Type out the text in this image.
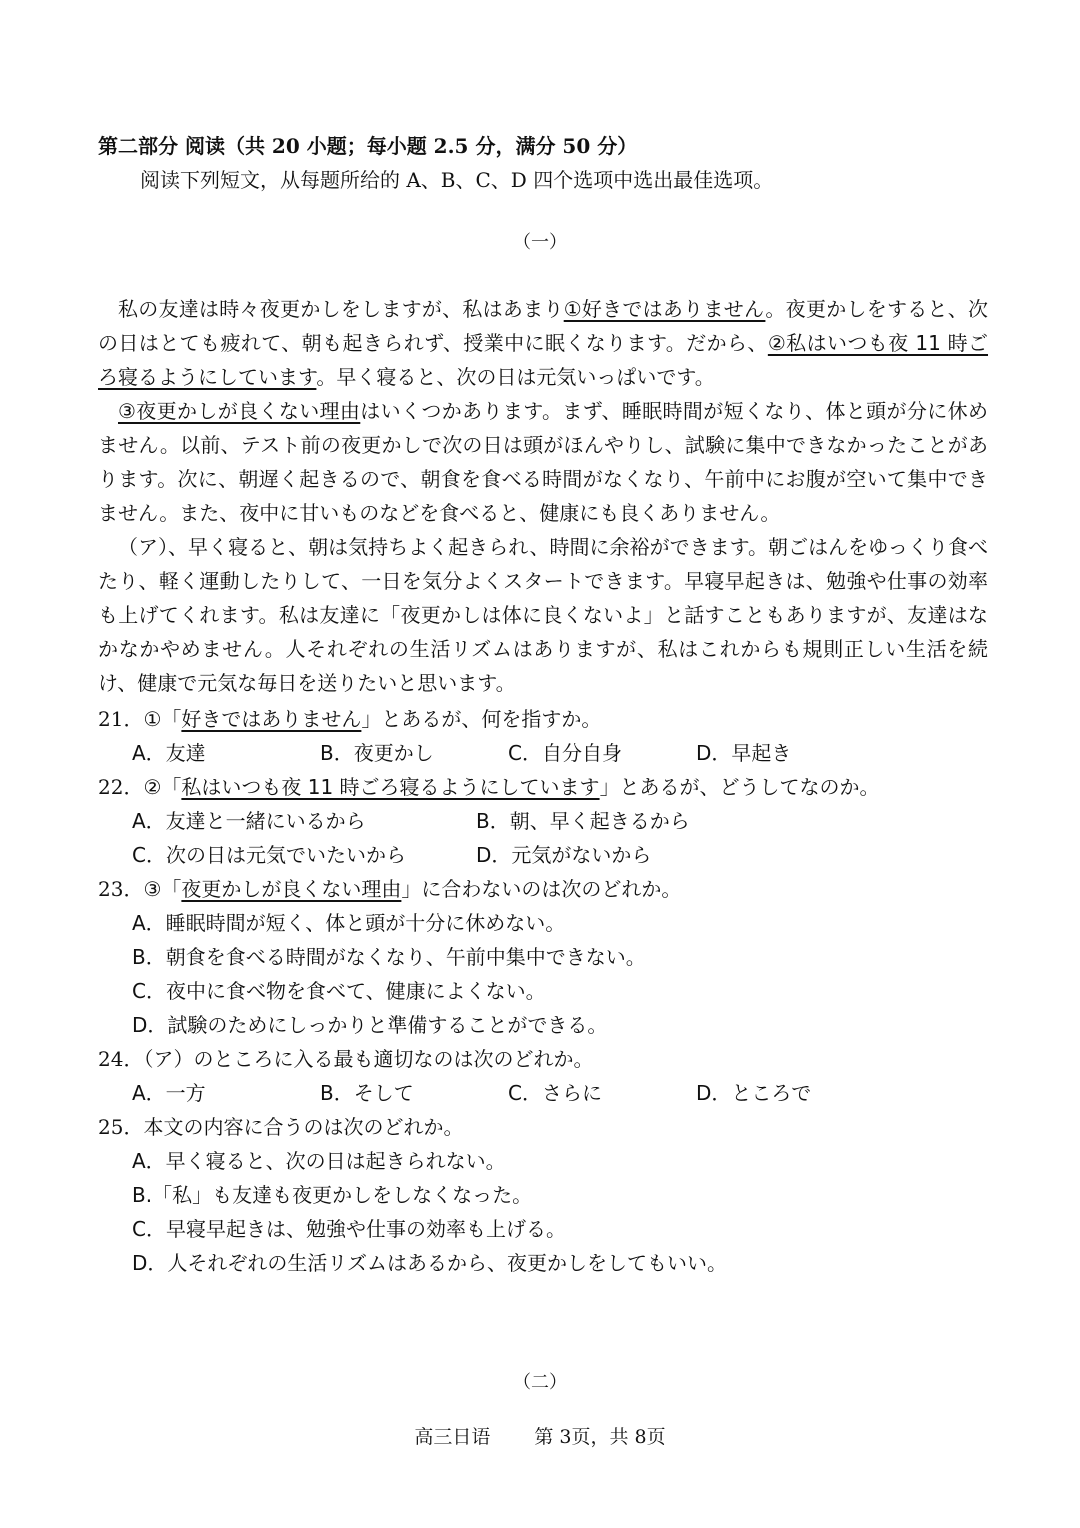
第二部分 阅读（共 20 小题；每小题 2.5 分，满分 50 分）
阅读下列短文，从每题所给的 A、B、C、D 四个选项中选出最佳选项。
（一）

私の友達は時々夜更かしをしますが、私はあまり①好きではありません。夜更かしをすると、次の日はとても疲れて、朝も起きられず、授業中に眠くなります。だから、②私はいつも夜 11 時ごろ寝るようにしています。早く寝ると、次の日は元気いっぱいです。

③夜更かしが良くない理由はいくつかあります。まず、睡眠時間が短くなり、体と頭が分に休めません。以前、テスト前の夜更かしで次の日は頭がほんやりし、試験に集中できなかったことがあります。次に、朝遅く起きるので、朝食を食べる時間がなくなり、午前中にお腹が空いて集中できません。また、夜中に甘いものなどを食べると、健康にも良くありません。

（ア）、早く寝ると、朝は気持ちよく起きられ、時間に余裕ができます。朝ごはんをゆっくり食べたり、軽く運動したりして、一日を気分よくスタートできます。早寝早起きは、勉強や仕事の効率も上げてくれます。私は友達に「夜更かしは体に良くないよ」と話すこともありますが、友達はなかなかやめません。人それぞれの生活リズムはありますが、私はこれからも規則正しい生活を続け、健康で元気な毎日を送りたいと思います。

21．①「好きではありません」とあるが、何を指すか。
A．友達	B．夜更かし	C．自分自身	D．早起き
22．②「私はいつも夜 11 時ごろ寝るようにしています」とあるが、どうしてなのか。
A．友達と一緒にいるから	B．朝、早く起きるから
C．次の日は元気でいたいから	D．元気がないから
23．③「夜更かしが良くない理由」に合わないのは次のどれか。
A．睡眠時間が短く、体と頭が十分に休めない。
B．朝食を食べる時間がなくなり、午前中集中できない。
C．夜中に食べ物を食べて、健康によくない。
D．試験のためにしっかりと準備することができる。
24．（ア）のところに入る最も適切なのは次のどれか。
A．一方	B．そして	C．さらに	D．ところで
25．本文の内容に合うのは次のどれか。
A．早く寝ると、次の日は起きられない。
B.「私」も友達も夜更かしをしなくなった。
C．早寝早起きは、勉強や仕事の効率も上げる。
D．人それぞれの生活リズムはあるから、夜更かしをしてもいい。
（二）
高三日语 第 3页，共 8页
